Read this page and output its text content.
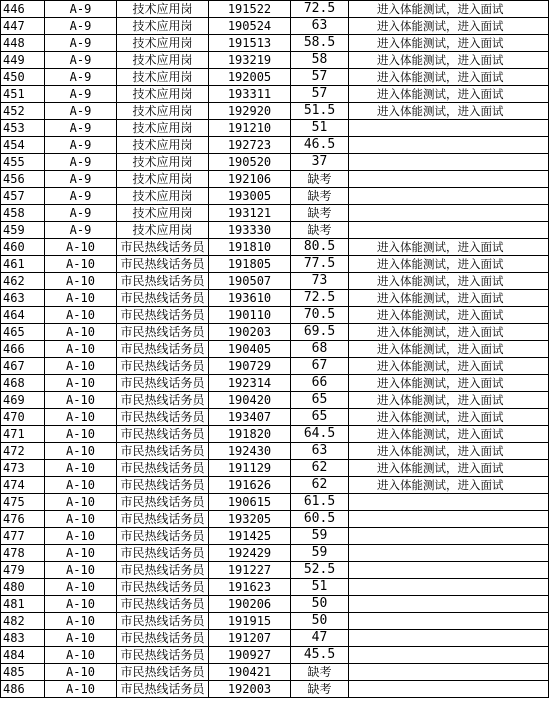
446	A-9	技术应用岗	191522	72.5	进入体能测试，进入面试
447	A-9	技术应用岗	190524	63	进入体能测试，进入面试
448	A-9	技术应用岗	191513	58.5	进入体能测试，进入面试
449	A-9	技术应用岗	193219	58	进入体能测试，进入面试
450	A-9	技术应用岗	192005	57	进入体能测试，进入面试
451	A-9	技术应用岗	193311	57	进入体能测试，进入面试
452	A-9	技术应用岗	192920	51.5	进入体能测试，进入面试
453	A-9	技术应用岗	191210	51	
454	A-9	技术应用岗	192723	46.5	
455	A-9	技术应用岗	190520	37	
456	A-9	技术应用岗	192106	缺考	
457	A-9	技术应用岗	193005	缺考	
458	A-9	技术应用岗	193121	缺考	
459	A-9	技术应用岗	193330	缺考	
460	A-10	市民热线话务员	191810	80.5	进入体能测试，进入面试
461	A-10	市民热线话务员	191805	77.5	进入体能测试，进入面试
462	A-10	市民热线话务员	190507	73	进入体能测试，进入面试
463	A-10	市民热线话务员	193610	72.5	进入体能测试，进入面试
464	A-10	市民热线话务员	190110	70.5	进入体能测试，进入面试
465	A-10	市民热线话务员	190203	69.5	进入体能测试，进入面试
466	A-10	市民热线话务员	190405	68	进入体能测试，进入面试
467	A-10	市民热线话务员	190729	67	进入体能测试，进入面试
468	A-10	市民热线话务员	192314	66	进入体能测试，进入面试
469	A-10	市民热线话务员	190420	65	进入体能测试，进入面试
470	A-10	市民热线话务员	193407	65	进入体能测试，进入面试
471	A-10	市民热线话务员	191820	64.5	进入体能测试，进入面试
472	A-10	市民热线话务员	192430	63	进入体能测试，进入面试
473	A-10	市民热线话务员	191129	62	进入体能测试，进入面试
474	A-10	市民热线话务员	191626	62	进入体能测试，进入面试
475	A-10	市民热线话务员	190615	61.5	
476	A-10	市民热线话务员	193205	60.5	
477	A-10	市民热线话务员	191425	59	
478	A-10	市民热线话务员	192429	59	
479	A-10	市民热线话务员	191227	52.5	
480	A-10	市民热线话务员	191623	51	
481	A-10	市民热线话务员	190206	50	
482	A-10	市民热线话务员	191915	50	
483	A-10	市民热线话务员	191207	47	
484	A-10	市民热线话务员	190927	45.5	
485	A-10	市民热线话务员	190421	缺考	
486	A-10	市民热线话务员	192003	缺考	
